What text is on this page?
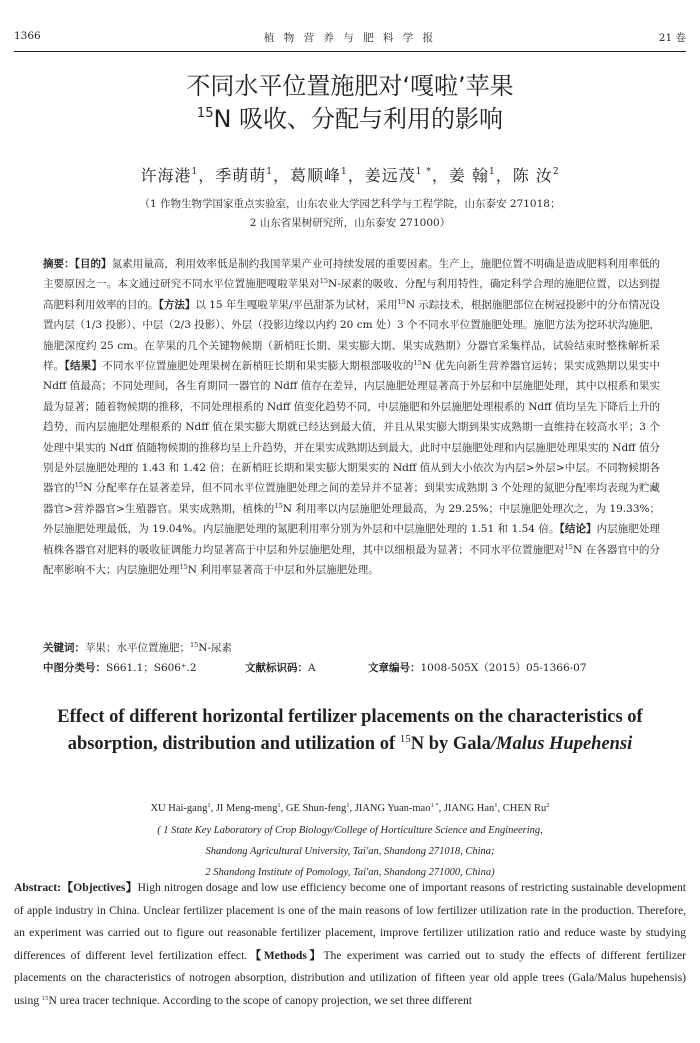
1366	植 物 营 养 与 肥 料 学 报	21 卷
不同水平位置施肥对‘嘎啦’苹果
$^{15}$N 吸收、分配与利用的影响
许海港$^1$，季萌萌$^1$，葛顺峰$^1$，姜远茂$^{1 *}$，姜 翰$^1$，陈 汝$^2$
（1 作物生物学国家重点实验室，山东农业大学园艺科学与工程学院，山东泰安 271018；
2 山东省果树研究所，山东泰安 271000）
摘要：【目的】氮素用量高，利用效率低是制约我国苹果产业可持续发展的重要因素。生产上，施肥位置不明确是造成肥料利用率低的主要原因之一。本文通过研究不同水平位置施肥嘎啦苹果对$^{15}$N-尿素的吸收、分配与利用特性，确定科学合理的施肥位置，以达到提高肥料利用效率的目的。【方法】以 15 年生嘎啦苹果/平邑甜茶为试材，采用$^{15}$N 示踪技术，根据施肥部位在树冠投影中的分布情况设置内层（1/3 投影）、中层（2/3 投影）、外层（投影边缘以内约 20 cm 处）3 个不同水平位置施肥处理。施肥方法为挖环状沟施肥，施肥深度约 25 cm。在苹果的几个关键物候期（新梢旺长期、果实膨大期、果实成熟期）分器官采集样品，试验结束时整株解析采样。【结果】不同水平位置施肥处理果树在新梢旺长期和果实膨大期根部吸收的$^{15}$N 优先向新生营养器官运转；果实成熟期以果实中 Ndff 值最高；不同处理间，各生育期同一器官的 Ndff 值存在差异，内层施肥处理显著高于外层和中层施肥处理，其中以根系和果实最为显著；随着物候期的推移，不同处理根系的 Ndff 值变化趋势不同，中层施肥和外层施肥处理根系的 Ndff 值均呈先下降后上升的趋势，而内层施肥处理根系的 Ndff 值在果实膨大期就已经达到最大值，并且从果实膨大期到果实成熟期一直维持在较高水平；3 个处理中果实的 Ndff 值随物候期的推移均呈上升趋势，并在果实成熟期达到最大，此时中层施肥处理和内层施肥处理果实的 Ndff 值分别是外层施肥处理的 1.43 和 1.42 倍；在新梢旺长期和果实膨大期果实的 Ndff 值从到大小依次为内层>外层>中层。不同物候期各器官的$^{15}$N 分配率存在显著差异，但不同水平位置施肥处理之间的差异并不显著；到果实成熟期 3 个处理的氮肥分配率均表现为贮藏器官>营养器官>生殖器官。果实成熟期，植株的$^{15}$N 利用率以内层施肥处理最高，为 29.25%；中层施肥处理次之，为 19.33%；外层施肥处理最低，为 19.04%。内层施肥处理的氮肥利用率分别为外层和中层施肥处理的 1.51 和 1.54 倍。【结论】内层施肥处理植株各器官对肥料的吸收征调能力均显著高于中层和外层施肥处理，其中以细根最为显著；不同水平位置施肥对$^{15}$N 在各器官中的分配率影响不大；内层施肥处理$^{15}$N 利用率显著高于中层和外层施肥处理。
关键词：苹果；水平位置施肥；$^{15}$N-尿素
中图分类号：S661.1；S606⁺.2	文献标识码：A	文章编号：1008-505X（2015）05-1366-07
Effect of different horizontal fertilizer placements on the characteristics of
absorption, distribution and utilization of $^{15}$N by Gala/Malus Hupehensi
XU Hai-gang$^1$, JI Meng-meng$^1$, GE Shun-feng$^1$, JIANG Yuan-mao$^{1 *}$, JIANG Han$^1$, CHEN Ru$^2$
( 1 State Key Laboratory of Crop Biology/College of Horticulture Science and Engineering,
Shandong Agricultural University, Tai'an, Shandong 271018, China;
2 Shandong Institute of Pomology, Tai'an, Shandong 271000, China)
Abstract:【Objectives】High nitrogen dosage and low use efficiency become one of important reasons of restricting sustainable development of apple industry in China. Unclear fertilizer placement is one of the main reasons of low fertilizer utilization rate in the production. Therefore, an experiment was carried out to figure out reasonable fertilizer placement, improve fertilizer utilization ratio and reduce waste by studying differences of different level fertilization effect.【Methods】The experiment was carried out to study the effects of different fertilizer placements on the characteristics of notrogen absorption, distribution and utilization of fifteen year old apple trees (Gala/Malus hupehensis) using $^{15}$N urea tracer technique. According to the scope of canopy projection, we set three different
